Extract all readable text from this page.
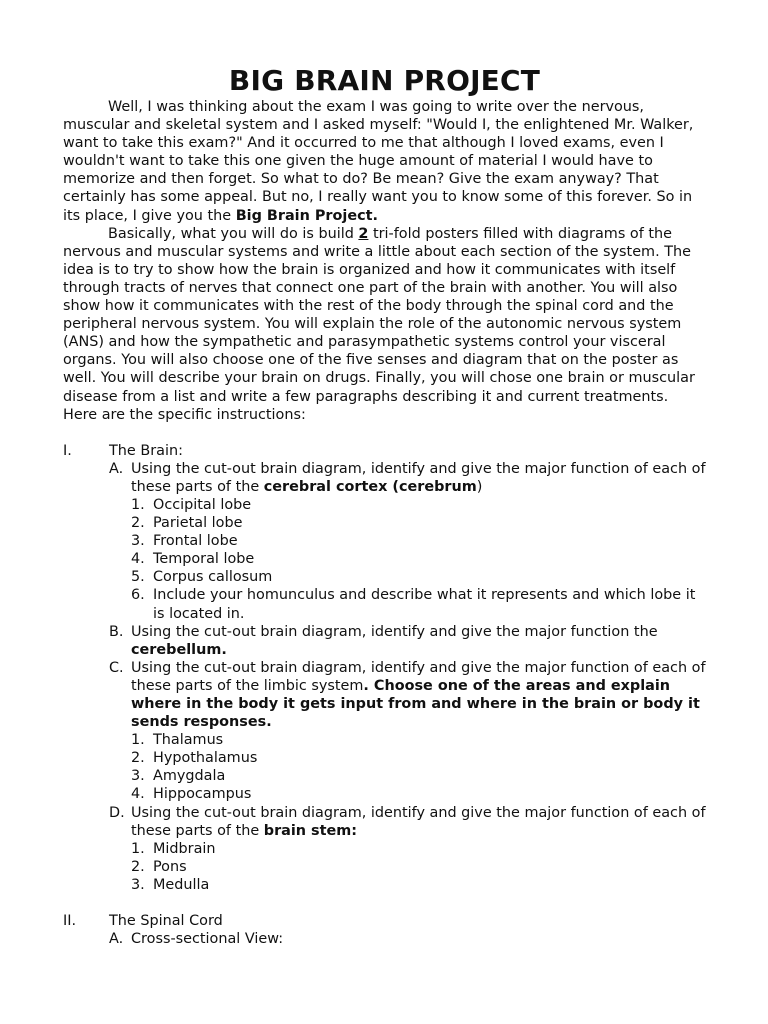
BIG BRAIN PROJECT

Well, I was thinking about the exam I was going to write over the nervous, muscular and skeletal system and I asked myself: "Would I, the enlightened Mr. Walker, want to take this exam?" And it occurred to me that although I loved exams, even I wouldn't want to take this one given the huge amount of material I would have to memorize and then forget. So what to do? Be mean? Give the exam anyway? That certainly has some appeal. But no, I really want you to know some of this forever. So in its place, I give you the Big Brain Project.

Basically, what you will do is build 2 tri-fold posters filled with diagrams of the nervous and muscular systems and write a little about each section of the system. The idea is to try to show how the brain is organized and how it communicates with itself through tracts of nerves that connect one part of the brain with another. You will also show how it communicates with the rest of the body through the spinal cord and the peripheral nervous system. You will explain the role of the autonomic nervous system (ANS) and how the sympathetic and parasympathetic systems control your visceral organs. You will also choose one of the five senses and diagram that on the poster as well. You will describe your brain on drugs. Finally, you will chose one brain or muscular disease from a list and write a few paragraphs describing it and current treatments. Here are the specific instructions:

I.	The Brain:
A. Using the cut-out brain diagram, identify and give the major function of each of these parts of the cerebral cortex (cerebrum)
1. Occipital lobe
2. Parietal lobe
3. Frontal lobe
4. Temporal lobe
5. Corpus callosum
6. Include your homunculus and describe what it represents and which lobe it is located in.
B. Using the cut-out brain diagram, identify and give the major function the cerebellum.
C. Using the cut-out brain diagram, identify and give the major function of each of these parts of the limbic system. Choose one of the areas and explain where in the body it gets input from and where in the brain or body it sends responses.
1. Thalamus
2. Hypothalamus
3. Amygdala
4. Hippocampus
D. Using the cut-out brain diagram, identify and give the major function of each of these parts of the brain stem:
1. Midbrain
2. Pons
3. Medulla
II.	The Spinal Cord
A. Cross-sectional View:
